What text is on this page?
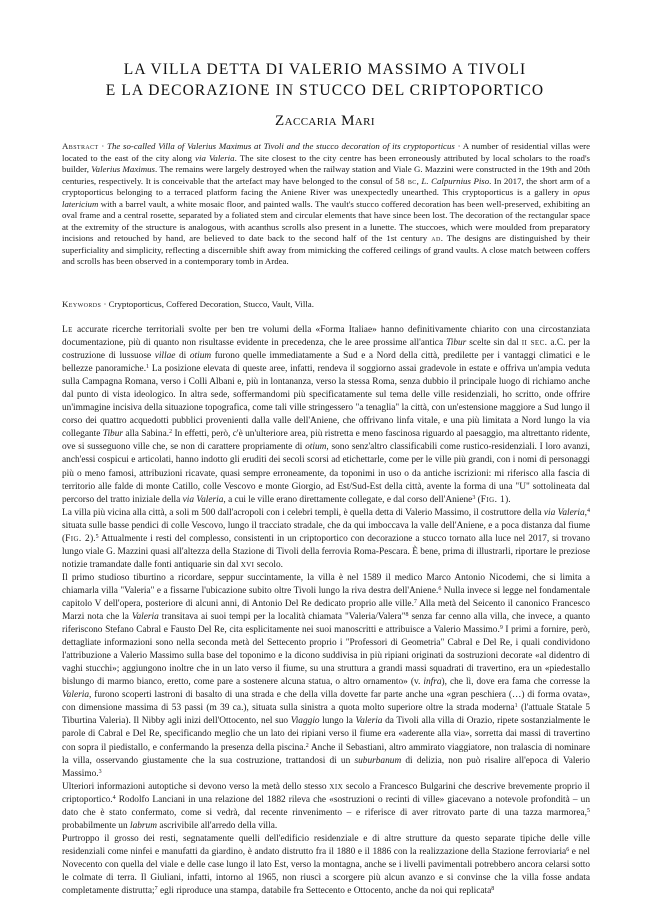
LA VILLA DETTA DI VALERIO MASSIMO A TIVOLI
E LA DECORAZIONE IN STUCCO DEL CRIPTOPORTICO
Zaccaria Mari

Abstract · The so-called Villa of Valerius Maximus at Tivoli and the stucco decoration of its cryptoporticus · A number of residential villas were located to the east of the city along via Valeria. The site closest to the city centre has been erroneously attributed by local scholars to the road's builder, Valerius Maximus. The remains were largely destroyed when the railway station and Viale G. Mazzini were constructed in the 19th and 20th centuries, respectively. It is conceivable that the artefact may have belonged to the consul of 58 bc, L. Calpurnius Piso. In 2017, the short arm of a cryptoporticus belonging to a terraced platform facing the Aniene River was unexpectedly unearthed. This cryptoporticus is a gallery in opus latericium with a barrel vault, a white mosaic floor, and painted walls. The vault's stucco coffered decoration has been well-preserved, exhibiting an oval frame and a central rosette, separated by a foliated stem and circular elements that have since been lost. The decoration of the rectangular space at the extremity of the structure is analogous, with acanthus scrolls also present in a lunette. The stuccoes, which were moulded from preparatory incisions and retouched by hand, are believed to date back to the second half of the 1st century ad. The designs are distinguished by their superficiality and simplicity, reflecting a discernible shift away from mimicking the coffered ceilings of grand vaults. A close match between coffers and scrolls has been observed in a contemporary tomb in Ardea.

Keywords · Cryptoporticus, Coffered Decoration, Stucco, Vault, Villa.

Le accurate ricerche territoriali svolte per ben tre volumi della «Forma Italiae» hanno definitivamente chiarito con una circostanziata documentazione, più di quanto non risultasse evidente in precedenza, che le aree prossime all'antica Tibur scelte sin dal ii sec. a.C. per la costruzione di lussuose villae di otium furono quelle immediatamente a Sud e a Nord della città, predilette per i vantaggi climatici e le bellezze panoramiche.$^1$ La posizione elevata di queste aree, infatti, rendeva il soggiorno assai gradevole in estate e offriva un'ampia veduta sulla Campagna Romana, verso i Colli Albani e, più in lontananza, verso la stessa Roma, senza dubbio il principale luogo di richiamo anche dal punto di vista ideologico. In altra sede, soffermandomi più specificatamente sul tema delle ville residenziali, ho scritto, onde offrire un'immagine incisiva della situazione topografica, come tali ville stringessero "a tenaglia" la città, con un'estensione maggiore a Sud lungo il corso dei quattro acquedotti pubblici provenienti dalla valle dell'Aniene, che offrivano linfa vitale, e una più limitata a Nord lungo la via collegante Tibur alla Sabina.$^2$ In effetti, però, c'è un'ulteriore area, più ristretta e meno fascinosa riguardo al paesaggio, ma altrettanto ridente, ove si susseguono ville che, se non di carattere propriamente di otium, sono senz'altro classificabili come rustico-residenziali. I loro avanzi, anch'essi cospicui e articolati, hanno indotto gli eruditi dei secoli scorsi ad etichettarle, come per le ville più grandi, con i nomi di personaggi più o meno famosi, attribuzioni ricavate, quasi sempre erroneamente, da toponimi in uso o da antiche iscrizioni: mi riferisco alla fascia di territorio alle falde di monte Catillo, colle Vescovo e monte Giorgio, ad Est/Sud-Est della città, avente la forma di una "U" sottolineata dal percorso del tratto iniziale della via Valeria, a cui le ville erano direttamente collegate, e dal corso dell'Aniene$^3$ (Fig. 1).

La villa più vicina alla città, a soli m 500 dall'acropoli con i celebri templi, è quella detta di Valerio Massimo, il costruttore della via Valeria,$^4$ situata sulle basse pendici di colle Vescovo, lungo il tracciato stradale, che da qui imboccava la valle dell'Aniene, e a poca distanza dal fiume (Fig. 2).$^5$ Attualmente i resti del complesso, consistenti in un criptoportico con decorazione a stucco tornato alla luce nel 2017, si trovano lungo viale G. Mazzini quasi all'altezza della Stazione di Tivoli della ferrovia Roma-Pescara. È bene, prima di illustrarli, riportare le preziose notizie tramandate dalle fonti antiquarie sin dal xvi secolo.

Il primo studioso tiburtino a ricordare, seppur succintamente, la villa è nel 1589 il medico Marco Antonio Nicodemi, che si limita a chiamarla villa "Valeria" e a fissarne l'ubicazione subito oltre Tivoli lungo la riva destra dell'Aniene.$^6$ Nulla invece si legge nel fondamentale capitolo V dell'opera, posteriore di alcuni anni, di Antonio Del Re dedicato proprio alle ville.$^7$ Alla metà del Seicento il canonico Francesco Marzi nota che la Valeria transitava ai suoi tempi per la località chiamata "Valeria/Valera"$^8$ senza far cenno alla villa, che invece, a quanto riferiscono Stefano Cabral e Fausto Del Re, cita esplicitamente nei suoi manoscritti e attribuisce a Valerio Massimo.$^9$ I primi a fornire, però, dettagliate informazioni sono nella seconda metà del Settecento proprio i "Professori di Geometria" Cabral e Del Re, i quali condividono l'attribuzione a Valerio Massimo sulla base del toponimo e la dicono suddivisa in più ripiani originati da sostruzioni decorate «al didentro di vaghi stucchi»; aggiungono inoltre che in un lato verso il fiume, su una struttura a grandi massi squadrati di travertino, era un «piedestallo bislungo di marmo bianco, eretto, come pare a sostenere alcuna statua, o altro ornamento» (v. infra), che lì, dove era fama che corresse la Valeria, furono scoperti lastroni di basalto di una strada e che della villa dovette far parte anche una «gran peschiera (…) di forma ovata», con dimensione massima di 53 passi (m 39 ca.), situata sulla sinistra a quota molto superiore oltre la strada moderna$^1$ (l'attuale Statale 5 Tiburtina Valeria). Il Nibby agli inizi dell'Ottocento, nel suo Viaggio lungo la Valeria da Tivoli alla villa di Orazio, ripete sostanzialmente le parole di Cabral e Del Re, specificando meglio che un lato dei ripiani verso il fiume era «aderente alla via», sorretta dai massi di travertino con sopra il piedistallo, e confermando la presenza della piscina.$^2$ Anche il Sebastiani, altro ammirato viaggiatore, non tralascia di nominare la villa, osservando giustamente che la sua costruzione, trattandosi di un suburbanum di delizia, non può risalire all'epoca di Valerio Massimo.$^3$

Ulteriori informazioni autoptiche si devono verso la metà dello stesso xix secolo a Francesco Bulgarini che descrive brevemente proprio il criptoportico.$^4$ Rodolfo Lanciani in una relazione del 1882 rileva che «sostruzioni o recinti di ville» giacevano a notevole profondità – un dato che è stato confermato, come si vedrà, dal recente rinvenimento – e riferisce di aver ritrovato parte di una tazza marmorea,$^5$ probabilmente un labrum ascrivibile all'arredo della villa.

Purtroppo il grosso dei resti, segnatamente quelli dell'edificio residenziale e di altre strutture da questo separate tipiche delle ville residenziali come ninfei e manufatti da giardino, è andato distrutto fra il 1880 e il 1886 con la realizzazione della Stazione ferroviaria$^6$ e nel Novecento con quella del viale e delle case lungo il lato Est, verso la montagna, anche se i livelli pavimentali potrebbero ancora celarsi sotto le colmate di terra. Il Giuliani, infatti, intorno al 1965, non riuscì a scorgere più alcun avanzo e si convinse che la villa fosse andata completamente distrutta;$^7$ egli riproduce una stampa, databile fra Settecento e Ottocento, anche da noi qui replicata$^8$
